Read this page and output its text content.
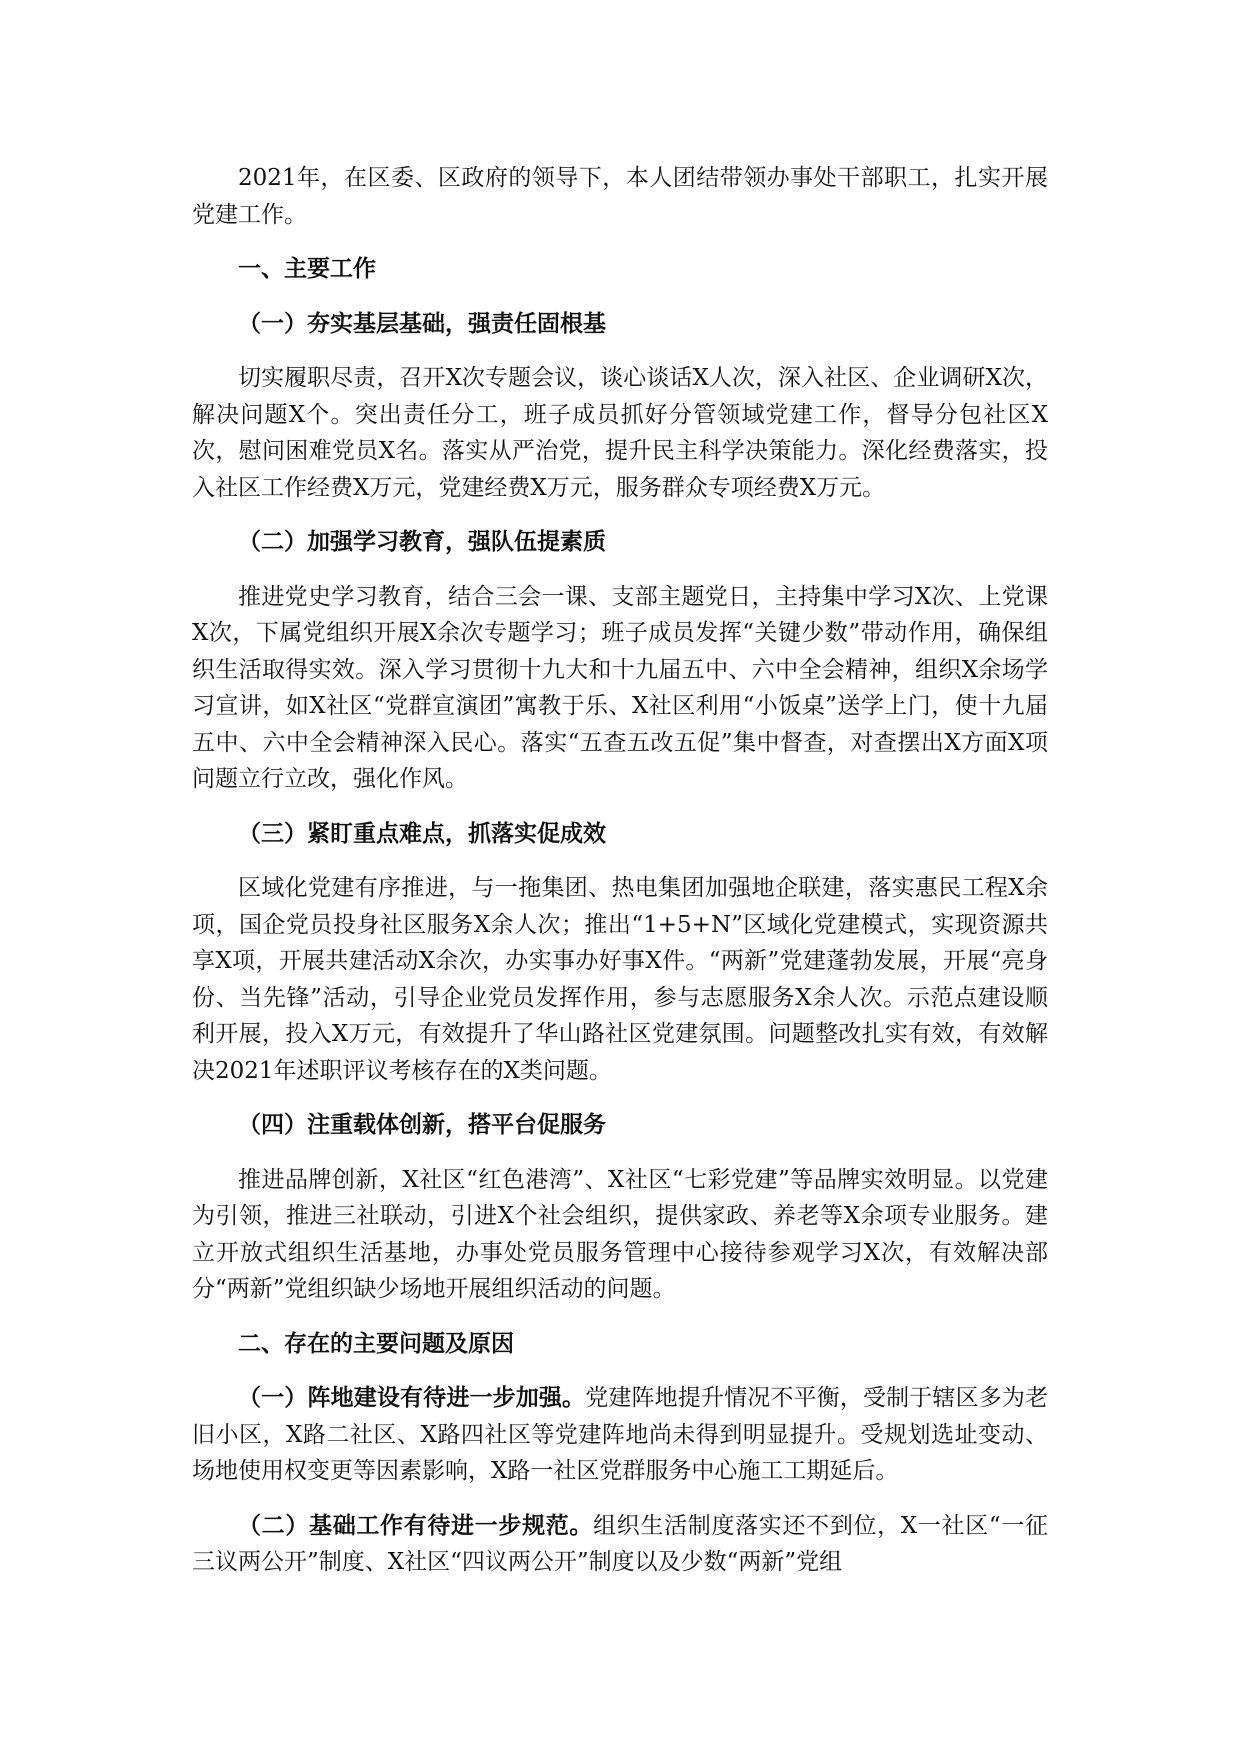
2021年，在区委、区政府的领导下，本人团结带领办事处干部职工，扎实开展党建工作。

一、主要工作

（一）夯实基层基础，强责任固根基

切实履职尽责，召开X次专题会议，谈心谈话X人次，深入社区、企业调研X次，解决问题X个。突出责任分工，班子成员抓好分管领域党建工作，督导分包社区X次，慰问困难党员X名。落实从严治党，提升民主科学决策能力。深化经费落实，投入社区工作经费X万元，党建经费X万元，服务群众专项经费X万元。

（二）加强学习教育，强队伍提素质

推进党史学习教育，结合三会一课、支部主题党日，主持集中学习X次、上党课X次，下属党组织开展X余次专题学习；班子成员发挥“关键少数”带动作用，确保组织生活取得实效。深入学习贯彻十九大和十九届五中、六中全会精神，组织X余场学习宣讲，如X社区“党群宣演团”寓教于乐、X社区利用“小饭桌”送学上门，使十九届五中、六中全会精神深入民心。落实“五查五改五促”集中督查，对查摆出X方面X项问题立行立改，强化作风。

（三）紧盯重点难点，抓落实促成效

区域化党建有序推进，与一拖集团、热电集团加强地企联建，落实惠民工程X余项，国企党员投身社区服务X余人次；推出“1+5+N”区域化党建模式，实现资源共享X项，开展共建活动X余次，办实事办好事X件。“两新”党建蓬勃发展，开展“亮身份、当先锋”活动，引导企业党员发挥作用，参与志愿服务X余人次。示范点建设顺利开展，投入X万元，有效提升了华山路社区党建氛围。问题整改扎实有效，有效解决2021年述职评议考核存在的X类问题。

（四）注重载体创新，搭平台促服务

推进品牌创新，X社区“红色港湾”、X社区“七彩党建”等品牌实效明显。以党建为引领，推进三社联动，引进X个社会组织，提供家政、养老等X余项专业服务。建立开放式组织生活基地，办事处党员服务管理中心接待参观学习X次，有效解决部分“两新”党组织缺少场地开展组织活动的问题。

二、存在的主要问题及原因

（一）阵地建设有待进一步加强。党建阵地提升情况不平衡，受制于辖区多为老旧小区，X路二社区、X路四社区等党建阵地尚未得到明显提升。受规划选址变动、场地使用权变更等因素影响，X路一社区党群服务中心施工工期延后。

（二）基础工作有待进一步规范。组织生活制度落实还不到位，X一社区“一征三议两公开”制度、X社区“四议两公开”制度以及少数“两新”党组
